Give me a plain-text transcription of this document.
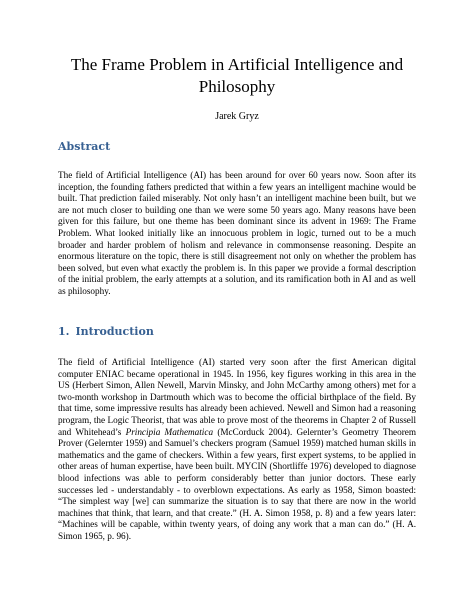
The Frame Problem in Artificial Intelligence and Philosophy
Jarek Gryz
Abstract
The field of Artificial Intelligence (AI) has been around for over 60 years now. Soon after its inception, the founding fathers predicted that within a few years an intelligent machine would be built. That prediction failed miserably. Not only hasn’t an intelligent machine been built, but we are not much closer to building one than we were some 50 years ago. Many reasons have been given for this failure, but one theme has been dominant since its advent in 1969: The Frame Problem. What looked initially like an innocuous problem in logic, turned out to be a much broader and harder problem of holism and relevance in commonsense reasoning. Despite an enormous literature on the topic, there is still disagreement not only on whether the problem has been solved, but even what exactly the problem is. In this paper we provide a formal description of the initial problem, the early attempts at a solution, and its ramification both in AI and as well as philosophy.
1. Introduction
The field of Artificial Intelligence (AI) started very soon after the first American digital computer ENIAC became operational in 1945. In 1956, key figures working in this area in the US (Herbert Simon, Allen Newell, Marvin Minsky, and John McCarthy among others) met for a two-month workshop in Dartmouth which was to become the official birthplace of the field. By that time, some impressive results has already been achieved. Newell and Simon had a reasoning program, the Logic Theorist, that was able to prove most of the theorems in Chapter 2 of Russell and Whitehead’s Principia Mathematica (McCorduck 2004). Gelernter’s Geometry Theorem Prover (Gelernter 1959) and Samuel’s checkers program (Samuel 1959) matched human skills in mathematics and the game of checkers. Within a few years, first expert systems, to be applied in other areas of human expertise, have been built. MYCIN (Shortliffe 1976) developed to diagnose blood infections was able to perform considerably better than junior doctors. These early successes led - understandably - to overblown expectations. As early as 1958, Simon boasted: “The simplest way [we] can summarize the situation is to say that there are now in the world machines that think, that learn, and that create.” (H. A. Simon 1958, p. 8) and a few years later: “Machines will be capable, within twenty years, of doing any work that a man can do.” (H. A. Simon 1965, p. 96).
